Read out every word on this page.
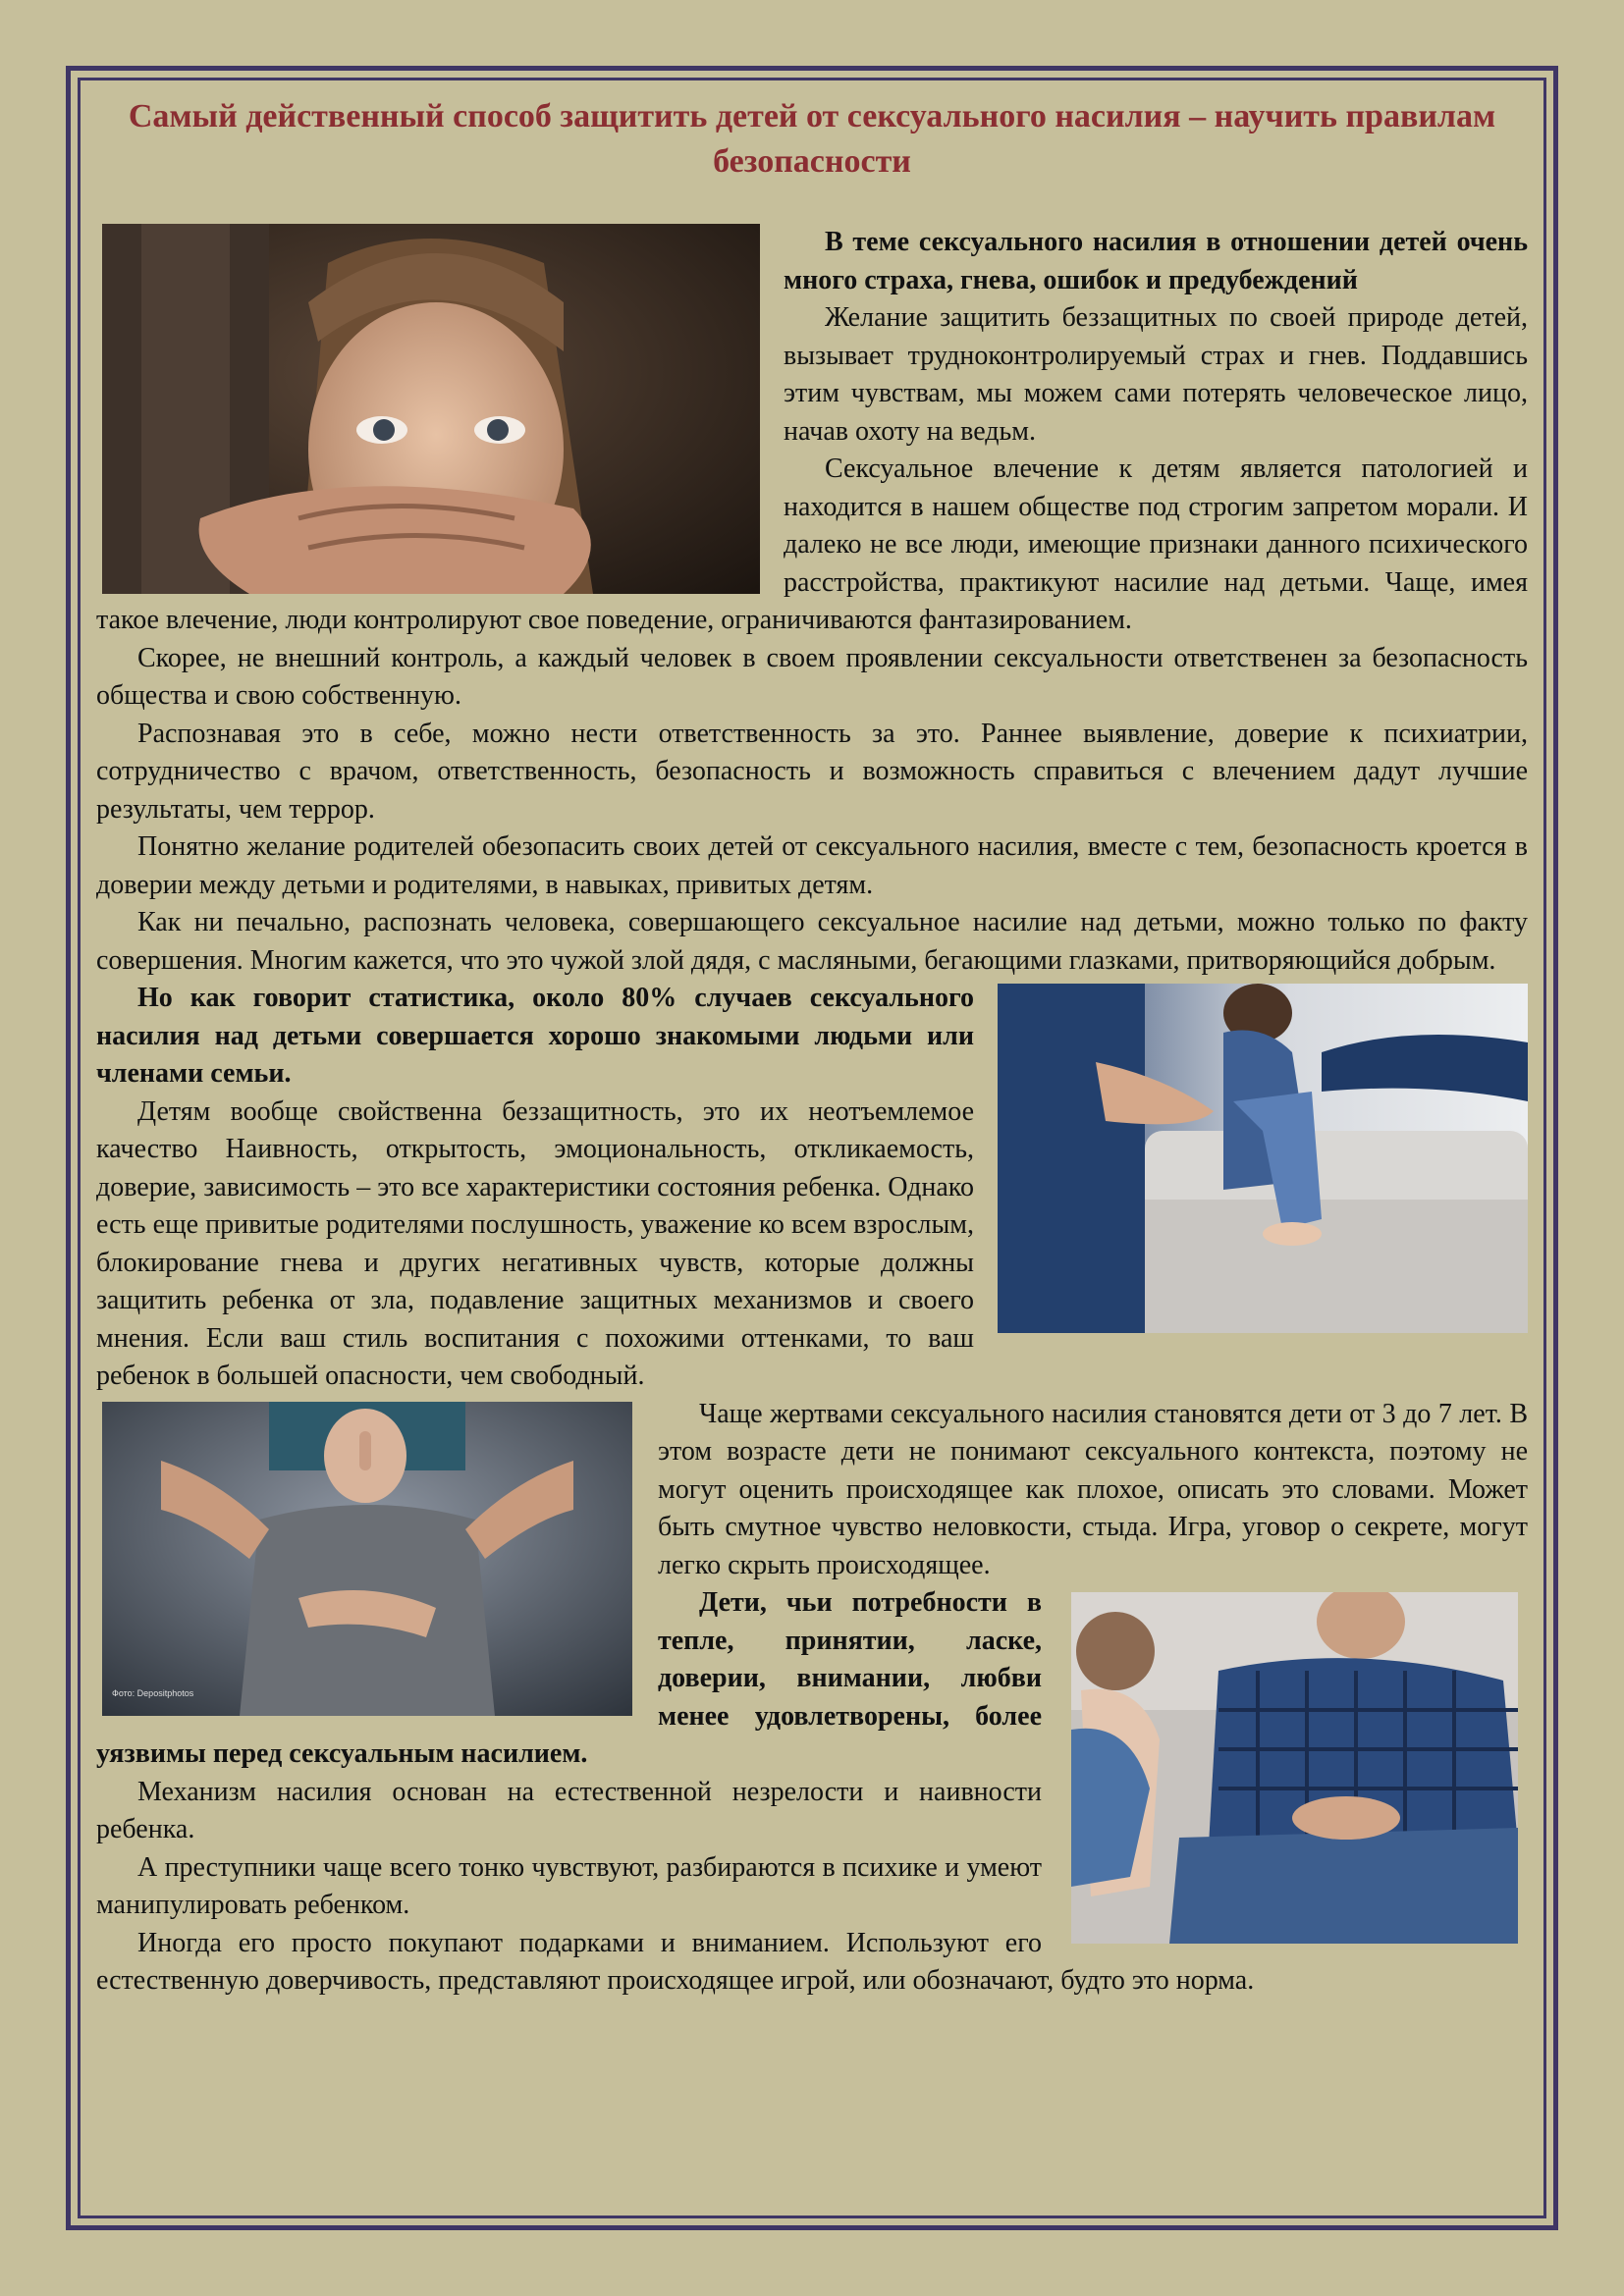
Самый действенный способ защитить детей от сексуального насилия – научить правилам безопасности

В теме сексуального насилия в отношении детей очень много страха, гнева, ошибок и предубеждений

Желание защитить беззащитных по своей природе детей, вызывает трудноконтролируемый страх и гнев. Поддавшись этим чувствам, мы можем сами потерять человеческое лицо, начав охоту на ведьм.

Сексуальное влечение к детям является патологией и находится в нашем обществе под строгим запретом морали. И далеко не все люди, имеющие признаки данного психического расстройства, практикуют насилие над детьми. Чаще, имея такое влечение, люди контролируют свое поведение, ограничиваются фантазированием.

Скорее, не внешний контроль, а каждый человек в своем проявлении сексуальности ответственен за безопасность общества и свою собственную.

Распознавая это в себе, можно нести ответственность за это. Раннее выявление, доверие к психиатрии, сотрудничество с врачом, ответственность, безопасность и возможность справиться с влечением дадут лучшие результаты, чем террор.

Понятно желание родителей обезопасить своих детей от сексуального насилия, вместе с тем, безопасность кроется в доверии между детьми и родителями, в навыках, привитых детям.

Как ни печально, распознать человека, совершающего сексуальное насилие над детьми, можно только по факту совершения. Многим кажется, что это чужой злой дядя, с масляными, бегающими глазками, притворяющийся добрым.

Но как говорит статистика, около 80% случаев сексуального насилия над детьми совершается хорошо знакомыми людьми или членами семьи.

Детям вообще свойственна беззащитность, это их неотъемлемое качество Наивность, открытость, эмоциональность, откликаемость, доверие, зависимость – это все характеристики состояния ребенка. Однако есть еще привитые родителями послушность, уважение ко всем взрослым, блокирование гнева и других негативных чувств, которые должны защитить ребенка от зла, подавление защитных механизмов и своего мнения. Если ваш стиль воспитания с похожими оттенками, то ваш ребенок в большей опасности, чем свободный.

Фото: Depositphotos

Чаще жертвами сексуального насилия становятся дети от 3 до 7 лет. В этом возрасте дети не понимают сексуального контекста, поэтому не могут оценить происходящее как плохое, описать это словами. Может быть смутное чувство неловкости, стыда. Игра, уговор о секрете, могут легко скрыть происходящее.

Дети, чьи потребности в тепле, принятии, ласке, доверии, внимании, любви менее удовлетворены, более уязвимы перед сексуальным насилием.

Механизм насилия основан на естественной незрелости и наивности ребенка.

А преступники чаще всего тонко чувствуют, разбираются в психике и умеют манипулировать ребенком.

Иногда его просто покупают подарками и вниманием. Используют его естественную доверчивость, представляют происходящее игрой, или обозначают, будто это норма.
